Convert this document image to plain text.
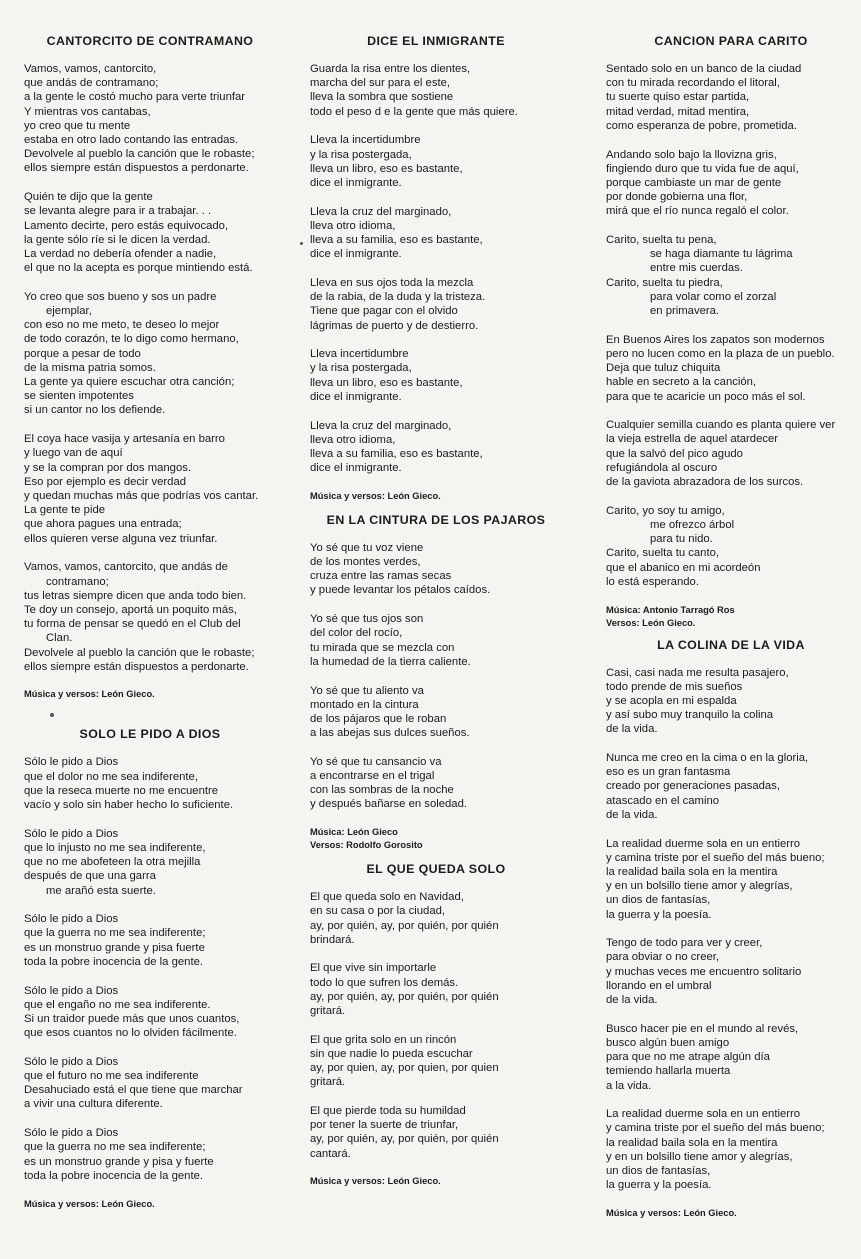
CANTORCITO DE CONTRAMANO
Vamos, vamos, cantorcito,
que andás de contramano;
a la gente le costó mucho para verte triunfar
Y mientras vos cantabas,
yo creo que tu mente
estaba en otro lado contando las entradas.
Devolvele al pueblo la canción que le robaste;
ellos siempre están dispuestos a perdonarte.
Quién te dijo que la gente
se levanta alegre para ir a trabajar. . .
Lamento decirte, pero estás equivocado,
la gente sólo ríe si le dicen la verdad.
La verdad no debería ofender a nadie,
el que no la acepta es porque mintiendo está.
Yo creo que sos bueno y sos un padre
ejemplar,
con eso no me meto, te deseo lo mejor
de todo corazón, te lo digo como hermano,
porque a pesar de todo
de la misma patria somos.
La gente ya quiere escuchar otra canción;
se sienten impotentes
si un cantor no los defiende.
El coya hace vasija y artesanía en barro
y luego van de aquí
y se la compran por dos mangos.
Eso por ejemplo es decir verdad
y quedan muchas más que podrías vos cantar.
La gente te pide
que ahora pagues una entrada;
ellos quieren verse alguna vez triunfar.
Vamos, vamos, cantorcito, que andás de
contramano;
tus letras siempre dicen que anda todo bien.
Te doy un consejo, aportá un poquito más,
tu forma de pensar se quedó en el Club del
Clan.
Devolvele al pueblo la canción que le robaste;
ellos siempre están dispuestos a perdonarte.
Música y versos: León Gieco.
SOLO LE PIDO A DIOS
Sólo le pido a Dios
que el dolor no me sea indiferente,
que la reseca muerte no me encuentre
vacío y solo sin haber hecho lo suficiente.
Sólo le pido a Dios
que lo injusto no me sea indiferente,
que no me abofeteen la otra mejilla
después de que una garra
me arañó esta suerte.
Sólo le pido a Dios
que la guerra no me sea indiferente;
es un monstruo grande y pisa fuerte
toda la pobre inocencia de la gente.
Sólo le pido a Dios
que el engaño no me sea indiferente.
Si un traidor puede más que unos cuantos,
que esos cuantos no lo olviden fácilmente.
Sólo le pido a Dios
que el futuro no me sea indiferente
Desahuciado está el que tiene que marchar
a vivir una cultura diferente.
Sólo le pido a Dios
que la guerra no me sea indiferente;
es un monstruo grande y pisa y fuerte
toda la pobre inocencia de la gente.
Música y versos: León Gieco.
DICE EL INMIGRANTE
Guarda la risa entre los dientes,
marcha del sur para el este,
lleva la sombra que sostiene
todo el peso d e la gente que más quiere.
Lleva la incertidumbre
y la risa postergada,
lleva un libro, eso es bastante,
dice el inmigrante.
Lleva la cruz del marginado,
lleva otro idioma,
lleva a su familia, eso es bastante,
dice el inmigrante.
Lleva en sus ojos toda la mezcla
de la rabia, de la duda y la tristeza.
Tiene que pagar con el olvido
lágrimas de puerto y de destierro.
Lleva incertidumbre
y la risa postergada,
lleva un libro, eso es bastante,
dice el inmigrante.
Lleva la cruz del marginado,
lleva otro idioma,
lleva a su familia, eso es bastante,
dice el inmigrante.
Música y versos: León Gieco.
EN LA CINTURA DE LOS PAJAROS
Yo sé que tu voz viene
de los montes verdes,
cruza entre las ramas secas
y puede levantar los pétalos caídos.
Yo sé que tus ojos son
del color del rocío,
tu mirada que se mezcla con
la humedad de la tierra caliente.
Yo sé que tu aliento va
montado en la cintura
de los pájaros que le roban
a las abejas sus dulces sueños.
Yo sé que tu cansancio va
a encontrarse en el trigal
con las sombras de la noche
y después bañarse en soledad.
Música: León Gieco
Versos: Rodolfo Gorosito
EL QUE QUEDA SOLO
El que queda solo en Navidad,
en su casa o por la ciudad,
ay, por quién, ay, por quién, por quién
brindará.
El que vive sin importarle
todo lo que sufren los demás.
ay, por quién, ay, por quién, por quién
gritará.
El que grita solo en un rincón
sin que nadie lo pueda escuchar
ay, por quien, ay, por quien, por quien
gritará.
El que pierde toda su humildad
por tener la suerte de triunfar,
ay, por quién, ay, por quién, por quién
cantará.
Música y versos: León Gieco.
CANCION PARA CARITO
Sentado solo en un banco de la ciudad
con tu mirada recordando el litoral,
tu suerte quiso estar partida,
mitad verdad, mitad mentira,
como esperanza de pobre, prometida.
Andando solo bajo la llovizna gris,
fingiendo duro que tu vida fue de aquí,
porque cambiaste un mar de gente
por donde gobierna una flor,
mirá que el río nunca regaló el color.
Carito, suelta tu pena,
se haga diamante tu lágrima
entre mis cuerdas.
Carito, suelta tu piedra,
para volar como el zorzal
en primavera.
En Buenos Aires los zapatos son modernos
pero no lucen como en la plaza de un pueblo.
Deja que tuluz chiquita
hable en secreto a la canción,
para que te acaricie un poco más el sol.
Cualquier semilla cuando es planta quiere ver
la vieja estrella de aquel atardecer
que la salvó del pico agudo
refugiándola al oscuro
de la gaviota abrazadora de los surcos.
Carito, yo soy tu amigo,
me ofrezco árbol
para tu nido.
Carito, suelta tu canto,
que el abanico en mi acordeón
lo está esperando.
Música: Antonio Tarragó Ros
Versos: León Gieco.
LA COLINA DE LA VIDA
Casi, casi nada me resulta pasajero,
todo prende de mis sueños
y se acopla en mi espalda
y así subo muy tranquilo la colina
de la vida.
Nunca me creo en la cima o en la gloria,
eso es un gran fantasma
creado por generaciones pasadas,
atascado en el camino
de la vida.
La realidad duerme sola en un entierro
y camina triste por el sueño del más bueno;
la realidad baila sola en la mentira
y en un bolsillo tiene amor y alegrías,
un dios de fantasías,
la guerra y la poesía.
Tengo de todo para ver y creer,
para obviar o no creer,
y muchas veces me encuentro solitario
llorando en el umbral
de la vida.
Busco hacer pie en el mundo al revés,
busco algún buen amigo
para que no me atrape algún día
temiendo hallarla muerta
a la vida.
La realidad duerme sola en un entierro
y camina triste por el sueño del más bueno;
la realidad baila sola en la mentira
y en un bolsillo tiene amor y alegrías,
un dios de fantasías,
la guerra y la poesía.
Música y versos: León Gieco.
